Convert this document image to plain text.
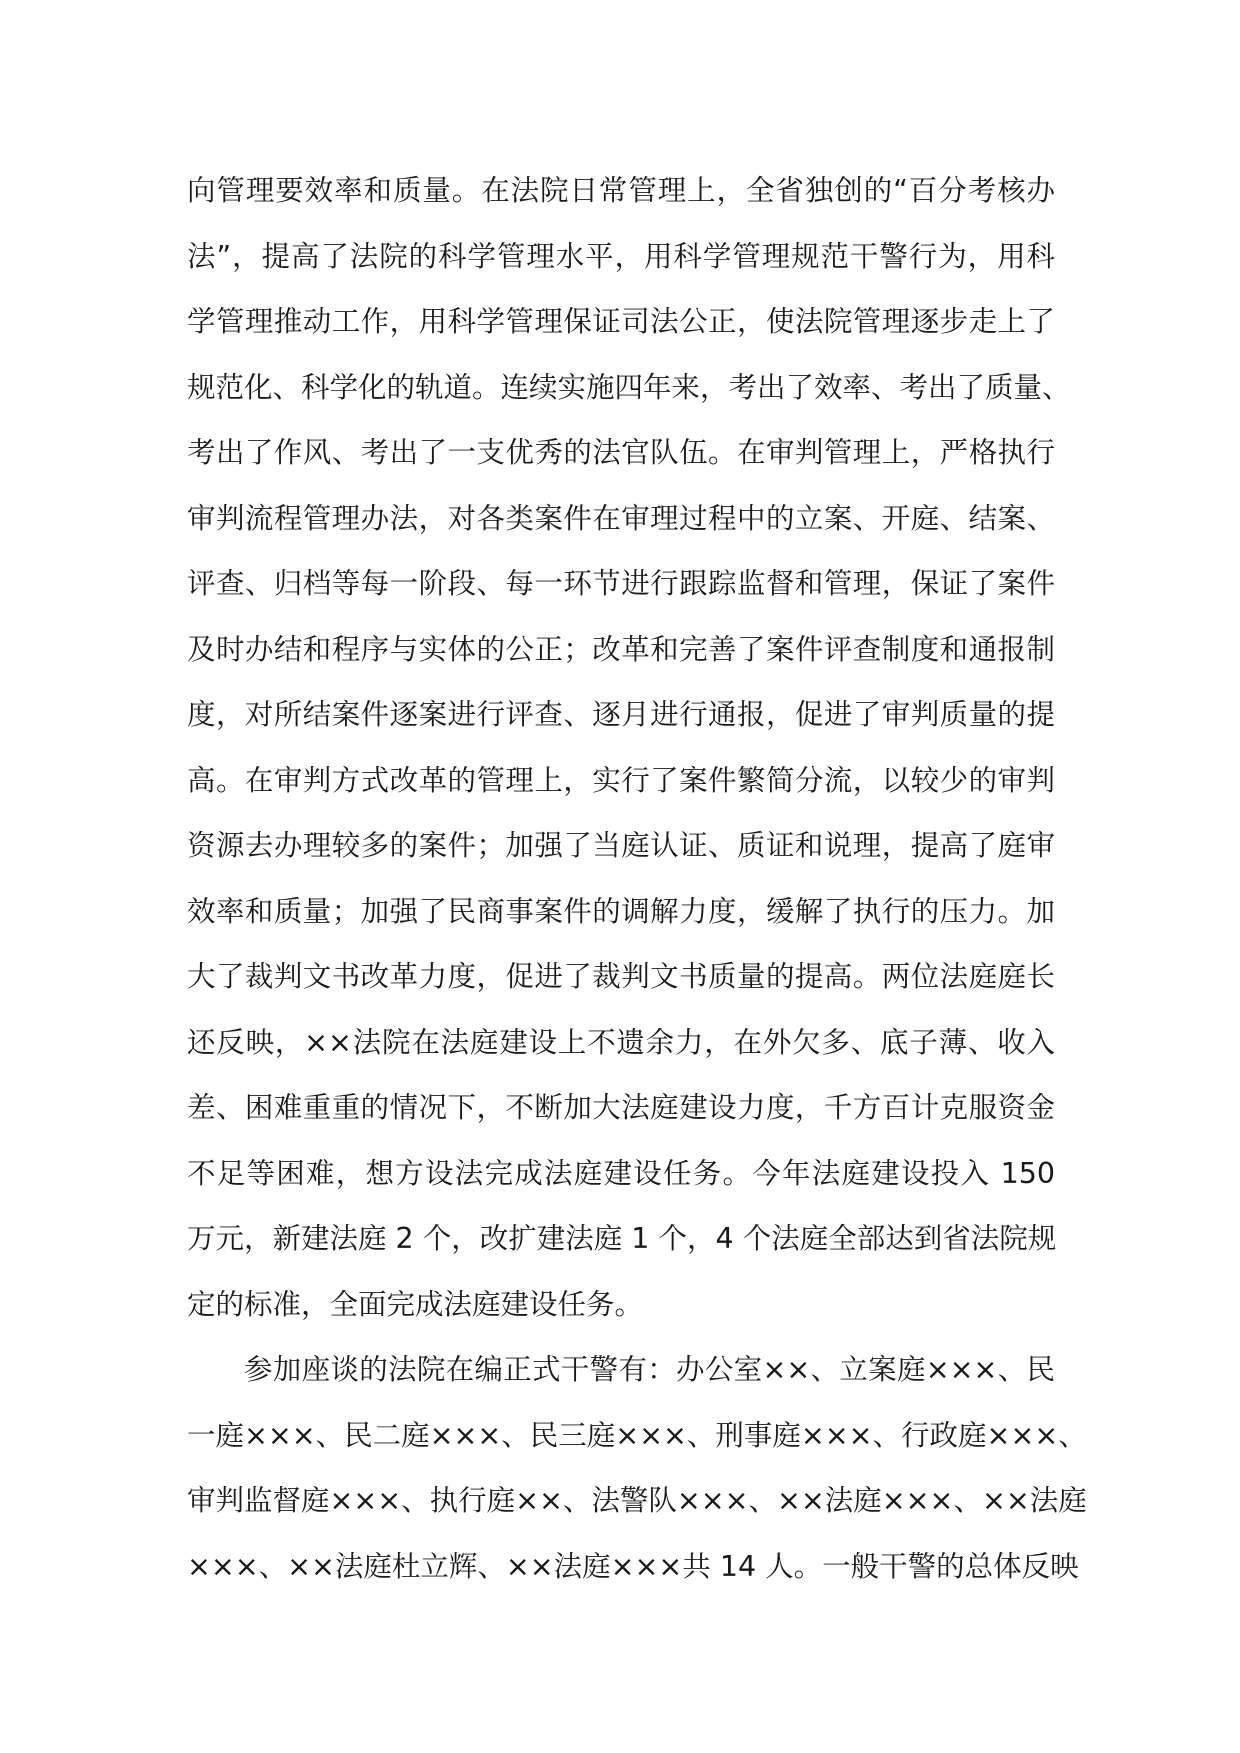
向管理要效率和质量。在法院日常管理上，全省独创的“百分考核办
法”，提高了法院的科学管理水平，用科学管理规范干警行为，用科
学管理推动工作，用科学管理保证司法公正，使法院管理逐步走上了
规范化、科学化的轨道。连续实施四年来，考出了效率、考出了质量、
考出了作风、考出了一支优秀的法官队伍。在审判管理上，严格执行
审判流程管理办法，对各类案件在审理过程中的立案、开庭、结案、
评查、归档等每一阶段、每一环节进行跟踪监督和管理，保证了案件
及时办结和程序与实体的公正；改革和完善了案件评查制度和通报制
度，对所结案件逐案进行评查、逐月进行通报，促进了审判质量的提
高。在审判方式改革的管理上，实行了案件繁简分流，以较少的审判
资源去办理较多的案件；加强了当庭认证、质证和说理，提高了庭审
效率和质量；加强了民商事案件的调解力度，缓解了执行的压力。加
大了裁判文书改革力度，促进了裁判文书质量的提高。两位法庭庭长
还反映，××法院在法庭建设上不遗余力，在外欠多、底子薄、收入
差、困难重重的情况下，不断加大法庭建设力度，千方百计克服资金
不足等困难，想方设法完成法庭建设任务。今年法庭建设投入 150
万元，新建法庭 2 个，改扩建法庭 1 个，4 个法庭全部达到省法院规
定的标准，全面完成法庭建设任务。
参加座谈的法院在编正式干警有：办公室××、立案庭×××、民
一庭×××、民二庭×××、民三庭×××、刑事庭×××、行政庭×××、
审判监督庭×××、执行庭××、法警队×××、××法庭×××、××法庭
×××、××法庭杜立辉、××法庭×××共 14 人。一般干警的总体反映
